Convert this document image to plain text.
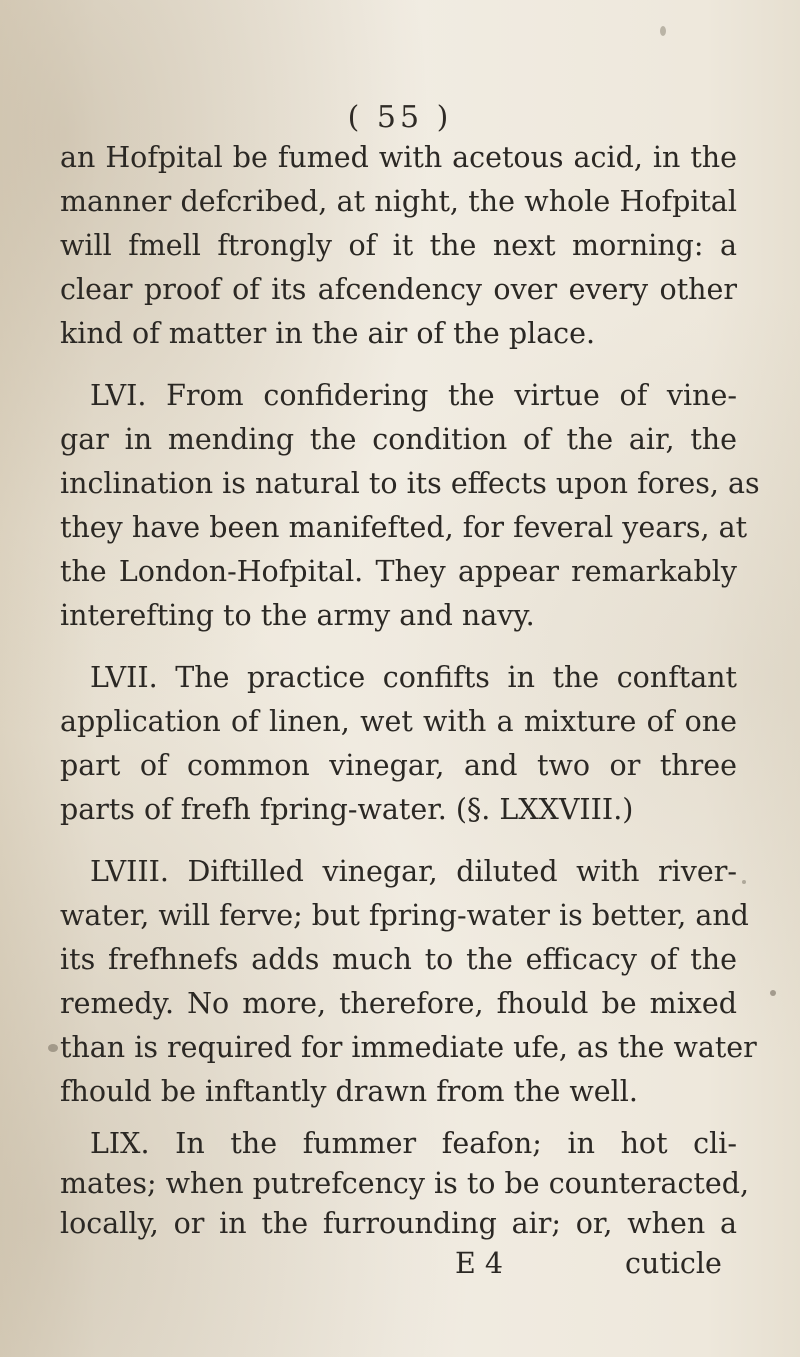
( 55 )
an Hofpital be fumed with acetous acid, in the
manner defcribed, at night, the whole Hofpital
will fmell ftrongly of it the next morning: a
clear proof of its afcendency over every other
kind of matter in the air of the place.
LVI. From confidering the virtue of vine-
gar in mending the condition of the air, the
inclination is natural to its effects upon fores, as
they have been manifefted, for feveral years, at
the London-Hofpital. They appear remarkably
interefting to the army and navy.
LVII. The practice confifts in the conftant
application of linen, wet with a mixture of one
part of common vinegar, and two or three
parts of frefh fpring-water. (§. LXXVIII.)
LVIII. Diftilled vinegar, diluted with river-
water, will ferve; but fpring-water is better, and
its frefhnefs adds much to the efficacy of the
remedy. No more, therefore, fhould be mixed
than is required for immediate ufe, as the water
fhould be inftantly drawn from the well.
LIX. In the fummer feafon; in hot cli-
mates; when putrefcency is to be counteracted,
locally, or in the furrounding air; or, when a
E 4	cuticle
